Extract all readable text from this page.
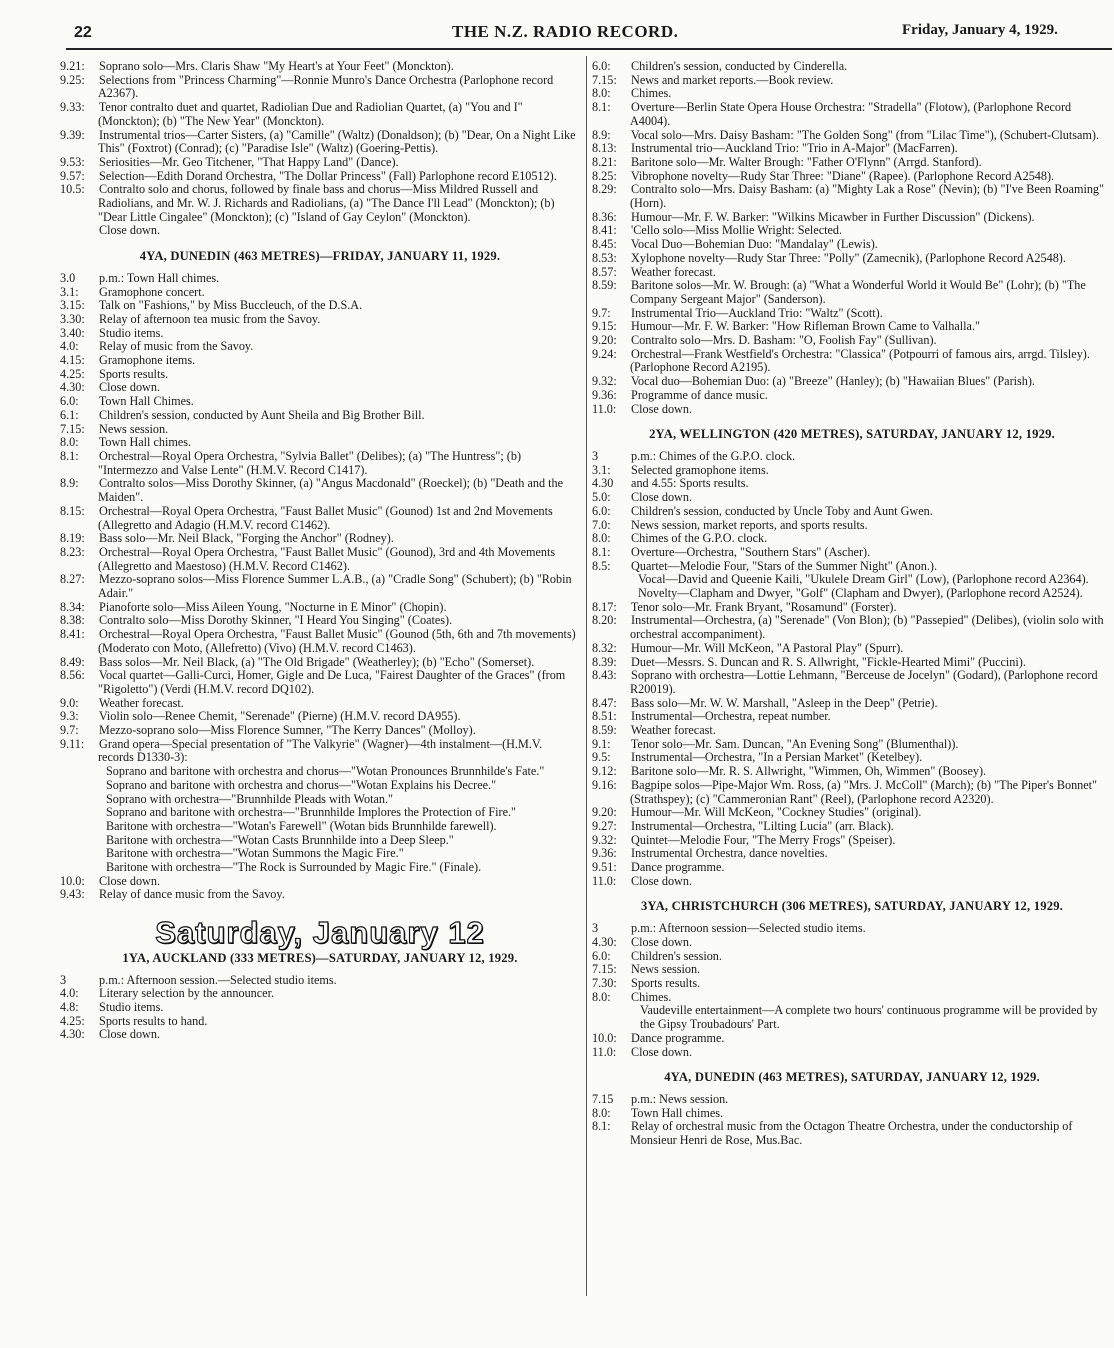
22	THE N.Z. RADIO RECORD.	Friday, January 4, 1929.

9.21: Soprano solo—Mrs. Claris Shaw "My Heart's at Your Feet" (Monckton).

9.25: Selections from "Princess Charming"—Ronnie Munro's Dance Orchestra (Parlophone record A2367).

9.33: Tenor contralto duet and quartet, Radiolian Due and Radiolian Quartet, (a) "You and I" (Monckton); (b) "The New Year" (Monckton).

9.39: Instrumental trios—Carter Sisters, (a) "Camille" (Waltz) (Donaldson); (b) "Dear, On a Night Like This" (Foxtrot) (Conrad); (c) "Paradise Isle" (Waltz) (Goering-Pettis).

9.53: Seriosities—Mr. Geo Titchener, "That Happy Land" (Dance).

9.57: Selection—Edith Dorand Orchestra, "The Dollar Princess" (Fall) Parlophone record E10512).

10.5: Contralto solo and chorus, followed by finale bass and chorus—Miss Mildred Russell and Radiolians, and Mr. W. J. Richards and Radiolians, (a) "The Dance I'll Lead" (Monckton); (b) "Dear Little Cingalee" (Monckton); (c) "Island of Gay Ceylon" (Monckton).

Close down.

4YA, DUNEDIN (463 METRES)—FRIDAY, JANUARY 11, 1929.

3.0 p.m.: Town Hall chimes.

3.1: Gramophone concert.

3.15: Talk on "Fashions," by Miss Buccleuch, of the D.S.A.

3.30: Relay of afternoon tea music from the Savoy.

3.40: Studio items.

4.0: Relay of music from the Savoy.

4.15: Gramophone items.

4.25: Sports results.

4.30: Close down.

6.0: Town Hall Chimes.

6.1: Children's session, conducted by Aunt Sheila and Big Brother Bill.

7.15: News session.

8.0: Town Hall chimes.

8.1: Orchestral—Royal Opera Orchestra, "Sylvia Ballet" (Delibes); (a) "The Huntress"; (b) "Intermezzo and Valse Lente" (H.M.V. Record C1417).

8.9: Contralto solos—Miss Dorothy Skinner, (a) "Angus Macdonald" (Roeckel); (b) "Death and the Maiden".

8.15: Orchestral—Royal Opera Orchestra, "Faust Ballet Music" (Gounod) 1st and 2nd Movements (Allegretto and Adagio (H.M.V. record C1462).

8.19: Bass solo—Mr. Neil Black, "Forging the Anchor" (Rodney).

8.23: Orchestral—Royal Opera Orchestra, "Faust Ballet Music" (Gounod), 3rd and 4th Movements (Allegretto and Maestoso) (H.M.V. Record C1462).

8.27: Mezzo-soprano solos—Miss Florence Summer L.A.B., (a) "Cradle Song" (Schubert); (b) "Robin Adair."

8.34: Pianoforte solo—Miss Aileen Young, "Nocturne in E Minor" (Chopin).

8.38: Contralto solo—Miss Dorothy Skinner, "I Heard You Singing" (Coates).

8.41: Orchestral—Royal Opera Orchestra, "Faust Ballet Music" (Gounod (5th, 6th and 7th movements) (Moderato con Moto, (Allefretto) (Vivo) (H.M.V. record C1463).

8.49: Bass solos—Mr. Neil Black, (a) "The Old Brigade" (Weatherley); (b) "Echo" (Somerset).

8.56: Vocal quartet—Galli-Curci, Homer, Gigle and De Luca, "Fairest Daughter of the Graces" (from "Rigoletto") (Verdi (H.M.V. record DQ102).

9.0: Weather forecast.

9.3: Violin solo—Renee Chemit, "Serenade" (Pierne) (H.M.V. record DA955).

9.7: Mezzo-soprano solo—Miss Florence Sumner, "The Kerry Dances" (Molloy).

9.11: Grand opera—Special presentation of "The Valkyrie" (Wagner)—4th instalment—(H.M.V. records D1330-3):

Soprano and baritone with orchestra and chorus—"Wotan Pronounces Brunnhilde's Fate."

Soprano and baritone with orchestra and chorus—"Wotan Explains his Decree."

Soprano with orchestra—"Brunnhilde Pleads with Wotan."

Soprano and baritone with orchestra—"Brunnhilde Implores the Protection of Fire."

Baritone with orchestra—"Wotan's Farewell" (Wotan bids Brunnhilde farewell).

Baritone with orchestra—"Wotan Casts Brunnhilde into a Deep Sleep."

Baritone with orchestra—"Wotan Summons the Magic Fire."

Baritone with orchestra—"The Rock is Surrounded by Magic Fire." (Finale).

10.0: Close down.

9.43: Relay of dance music from the Savoy.

Saturday, January 12
1YA, AUCKLAND (333 METRES)—SATURDAY, JANUARY 12, 1929.

3	p.m.: Afternoon session.—Selected studio items.

4.0: Literary selection by the announcer.

4.8: Studio items.

4.25: Sports results to hand.

4.30: Close down.

6.0: Children's session, conducted by Cinderella.

7.15: News and market reports.—Book review.

8.0: Chimes.

8.1: Overture—Berlin State Opera House Orchestra: "Stradella" (Flotow), (Parlophone Record A4004).

8.9: Vocal solo—Mrs. Daisy Basham: "The Golden Song" (from "Lilac Time"), (Schubert-Clutsam).

8.13: Instrumental trio—Auckland Trio: "Trio in A-Major" (MacFarren).

8.21: Baritone solo—Mr. Walter Brough: "Father O'Flynn" (Arrgd. Stanford).

8.25: Vibrophone novelty—Rudy Star Three: "Diane" (Rapee). (Parlophone Record A2548).

8.29: Contralto solo—Mrs. Daisy Basham: (a) "Mighty Lak a Rose" (Nevin); (b) "I've Been Roaming" (Horn).

8.36: Humour—Mr. F. W. Barker: "Wilkins Micawber in Further Discussion" (Dickens).

8.41: 'Cello solo—Miss Mollie Wright: Selected.

8.45: Vocal Duo—Bohemian Duo: "Mandalay" (Lewis).

8.53: Xylophone novelty—Rudy Star Three: "Polly" (Zamecnik), (Parlophone Record A2548).

8.57: Weather forecast.

8.59: Baritone solos—Mr. W. Brough: (a) "What a Wonderful World it Would Be" (Lohr); (b) "The Company Sergeant Major" (Sanderson).

9.7: Instrumental Trio—Auckland Trio: "Waltz" (Scott).

9.15: Humour—Mr. F. W. Barker: "How Rifleman Brown Came to Valhalla."

9.20: Contralto solo—Mrs. D. Basham: "O, Foolish Fay" (Sullivan).

9.24: Orchestral—Frank Westfield's Orchestra: "Classica" (Potpourri of famous airs, arrgd. Tilsley). (Parlophone Record A2195).

9.32: Vocal duo—Bohemian Duo: (a) "Breeze" (Hanley); (b) "Hawaiian Blues" (Parish).

9.36: Programme of dance music.

11.0: Close down.

2YA, WELLINGTON (420 METRES), SATURDAY, JANUARY 12, 1929.

3	p.m.: Chimes of the G.P.O. clock.

3.1: Selected gramophone items.

4.30 and 4.55: Sports results.

5.0: Close down.

6.0: Children's session, conducted by Uncle Toby and Aunt Gwen.

7.0: News session, market reports, and sports results.

8.0: Chimes of the G.P.O. clock.

8.1: Overture—Orchestra, "Southern Stars" (Ascher).

8.5: Quartet—Melodie Four, "Stars of the Summer Night" (Anon.).

Vocal—David and Queenie Kaili, "Ukulele Dream Girl" (Low), (Parlophone record A2364).

Novelty—Clapham and Dwyer, "Golf" (Clapham and Dwyer), (Parlophone record A2524).

8.17: Tenor solo—Mr. Frank Bryant, "Rosamund" (Forster).

8.20: Instrumental—Orchestra, (a) "Serenade" (Von Blon); (b) "Passepied" (Delibes), (violin solo with orchestral accompaniment).

8.32: Humour—Mr. Will McKeon, "A Pastoral Play" (Spurr).

8.39: Duet—Messrs. S. Duncan and R. S. Allwright, "Fickle-Hearted Mimi" (Puccini).

8.43: Soprano with orchestra—Lottie Lehmann, "Berceuse de Jocelyn" (Godard), (Parlophone record R20019).

8.47: Bass solo—Mr. W. W. Marshall, "Asleep in the Deep" (Petrie).

8.51: Instrumental—Orchestra, repeat number.

8.59: Weather forecast.

9.1: Tenor solo—Mr. Sam. Duncan, "An Evening Song" (Blumenthal)).

9.5: Instrumental—Orchestra, "In a Persian Market" (Ketelbey).

9.12: Baritone solo—Mr. R. S. Allwright, "Wimmen, Oh, Wimmen" (Boosey).

9.16: Bagpipe solos—Pipe-Major Wm. Ross, (a) "Mrs. J. McColl" (March); (b) "The Piper's Bonnet" (Strathspey); (c) "Cammeronian Rant" (Reel), (Parlophone record A2320).

9.20: Humour—Mr. Will McKeon, "Cockney Studies" (original).

9.27: Instrumental—Orchestra, "Lilting Lucia" (arr. Black).

9.32: Quintet—Melodie Four, "The Merry Frogs" (Speiser).

9.36: Instrumental Orchestra, dance novelties.

9.51: Dance programme.

11.0: Close down.

3YA, CHRISTCHURCH (306 METRES), SATURDAY, JANUARY 12, 1929.

3	p.m.: Afternoon session—Selected studio items.

4.30: Close down.

6.0: Children's session.

7.15: News session.

7.30: Sports results.

8.0: Chimes.

Vaudeville entertainment—A complete two hours' continuous programme will be provided by the Gipsy Troubadours' Part.

10.0: Dance programme.

11.0: Close down.

4YA, DUNEDIN (463 METRES), SATURDAY, JANUARY 12, 1929.

7.15 p.m.: News session.

8.0: Town Hall chimes.

8.1: Relay of orchestral music from the Octagon Theatre Orchestra, under the conductorship of Monsieur Henri de Rose, Mus.Bac.
